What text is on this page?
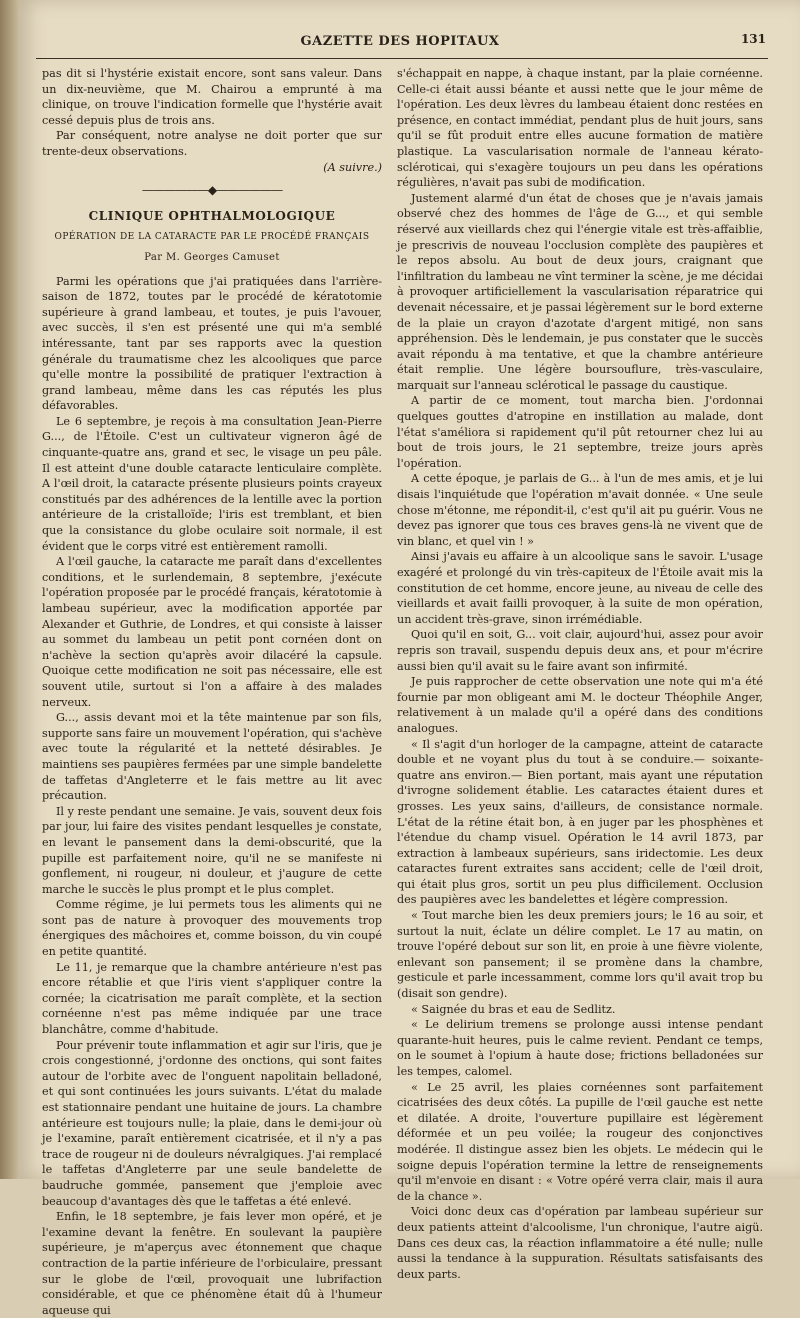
GAZETTE DES HOPITAUX	131

pas dit si l'hystérie existait encore, sont sans valeur. Dans un dix-neuvième, que M. Chairou a emprunté à ma clinique, on trouve l'indication formelle que l'hystérie avait cessé depuis plus de trois ans.

Par conséquent, notre analyse ne doit porter que sur trente-deux observations.

(A suivre.)
——————◆——————
CLINIQUE OPHTHALMOLOGIQUE
OPÉRATION DE LA CATARACTE PAR LE PROCÉDÉ FRANÇAIS
Par M. Georges Camuset

Parmi les opérations que j'ai pratiquées dans l'arrière-saison de 1872, toutes par le procédé de kératotomie supérieure à grand lambeau, et toutes, je puis l'avouer, avec succès, il s'en est présenté une qui m'a semblé intéressante, tant par ses rapports avec la question générale du traumatisme chez les alcooliques que parce qu'elle montre la possibilité de pratiquer l'extraction à grand lambeau, même dans les cas réputés les plus défavorables.

Le 6 septembre, je reçois à ma consultation Jean-Pierre G..., de l'Étoile. C'est un cultivateur vigneron âgé de cinquante-quatre ans, grand et sec, le visage un peu pâle. Il est atteint d'une double cataracte lenticulaire complète. A l'œil droit, la cataracte présente plusieurs points crayeux constitués par des adhérences de la lentille avec la portion antérieure de la cristalloïde; l'iris est tremblant, et bien que la consistance du globe oculaire soit normale, il est évident que le corps vitré est entièrement ramolli.

A l'œil gauche, la cataracte me paraît dans d'excellentes conditions, et le surlendemain, 8 septembre, j'exécute l'opération proposée par le procédé français, kératotomie à lambeau supérieur, avec la modification apportée par Alexander et Guthrie, de Londres, et qui consiste à laisser au sommet du lambeau un petit pont cornéen dont on n'achève la section qu'après avoir dilacéré la capsule. Quoique cette modification ne soit pas nécessaire, elle est souvent utile, surtout si l'on a affaire à des malades nerveux.

G..., assis devant moi et la tête maintenue par son fils, supporte sans faire un mouvement l'opération, qui s'achève avec toute la régularité et la netteté désirables. Je maintiens ses paupières fermées par une simple bandelette de taffetas d'Angleterre et le fais mettre au lit avec précaution.

Il y reste pendant une semaine. Je vais, souvent deux fois par jour, lui faire des visites pendant lesquelles je constate, en levant le pansement dans la demi-obscurité, que la pupille est parfaitement noire, qu'il ne se manifeste ni gonflement, ni rougeur, ni douleur, et j'augure de cette marche le succès le plus prompt et le plus complet.

Comme régime, je lui permets tous les aliments qui ne sont pas de nature à provoquer des mouvements trop énergiques des mâchoires et, comme boisson, du vin coupé en petite quantité.

Le 11, je remarque que la chambre antérieure n'est pas encore rétablie et que l'iris vient s'appliquer contre la cornée; la cicatrisation me paraît complète, et la section cornéenne n'est pas même indiquée par une trace blanchâtre, comme d'habitude.

Pour prévenir toute inflammation et agir sur l'iris, que je crois congestionné, j'ordonne des onctions, qui sont faites autour de l'orbite avec de l'onguent napolitain belladoné, et qui sont continuées les jours suivants. L'état du malade est stationnaire pendant une huitaine de jours. La chambre antérieure est toujours nulle; la plaie, dans le demi-jour où je l'examine, paraît entièrement cicatrisée, et il n'y a pas trace de rougeur ni de douleurs névralgiques. J'ai remplacé le taffetas d'Angleterre par une seule bandelette de baudruche gommée, pansement que j'emploie avec beaucoup d'avantages dès que le taffetas a été enlevé.

Enfin, le 18 septembre, je fais lever mon opéré, et je l'examine devant la fenêtre. En soulevant la paupière supérieure, je m'aperçus avec étonnement que chaque contraction de la partie inférieure de l'orbiculaire, pressant sur le globe de l'œil, provoquait une lubrifaction considérable, et que ce phénomène était dû à l'humeur aqueuse qui

s'échappait en nappe, à chaque instant, par la plaie cornéenne. Celle-ci était aussi béante et aussi nette que le jour même de l'opération. Les deux lèvres du lambeau étaient donc restées en présence, en contact immédiat, pendant plus de huit jours, sans qu'il se fût produit entre elles aucune formation de matière plastique. La vascularisation normale de l'anneau kérato-scléroticai, qui s'exagère toujours un peu dans les opérations régulières, n'avait pas subi de modification.

Justement alarmé d'un état de choses que je n'avais jamais observé chez des hommes de l'âge de G..., et qui semble réservé aux vieillards chez qui l'énergie vitale est très-affaiblie, je prescrivis de nouveau l'occlusion complète des paupières et le repos absolu. Au bout de deux jours, craignant que l'infiltration du lambeau ne vînt terminer la scène, je me décidai à provoquer artificiellement la vascularisation réparatrice qui devenait nécessaire, et je passai légèrement sur le bord externe de la plaie un crayon d'azotate d'argent mitigé, non sans appréhension. Dès le lendemain, je pus constater que le succès avait répondu à ma tentative, et que la chambre antérieure était remplie. Une légère boursouflure, très-vasculaire, marquait sur l'anneau sclérotical le passage du caustique.

A partir de ce moment, tout marcha bien. J'ordonnai quelques gouttes d'atropine en instillation au malade, dont l'état s'améliora si rapidement qu'il pût retourner chez lui au bout de trois jours, le 21 septembre, treize jours après l'opération.

A cette époque, je parlais de G... à l'un de mes amis, et je lui disais l'inquiétude que l'opération m'avait donnée. « Une seule chose m'étonne, me répondit-il, c'est qu'il ait pu guérir. Vous ne devez pas ignorer que tous ces braves gens-là ne vivent que de vin blanc, et quel vin ! »

Ainsi j'avais eu affaire à un alcoolique sans le savoir. L'usage exagéré et prolongé du vin très-capiteux de l'Étoile avait mis la constitution de cet homme, encore jeune, au niveau de celle des vieillards et avait failli provoquer, à la suite de mon opération, un accident très-grave, sinon irrémédiable.

Quoi qu'il en soit, G... voit clair, aujourd'hui, assez pour avoir repris son travail, suspendu depuis deux ans, et pour m'écrire aussi bien qu'il avait su le faire avant son infirmité.

Je puis rapprocher de cette observation une note qui m'a été fournie par mon obligeant ami M. le docteur Théophile Anger, relativement à un malade qu'il a opéré dans des conditions analogues.

« Il s'agit d'un horloger de la campagne, atteint de cataracte double et ne voyant plus du tout à se conduire.— soixante-quatre ans environ.— Bien portant, mais ayant une réputation d'ivrogne solidement établie. Les cataractes étaient dures et grosses. Les yeux sains, d'ailleurs, de consistance normale. L'état de la rétine était bon, à en juger par les phosphènes et l'étendue du champ visuel. Opération le 14 avril 1873, par extraction à lambeaux supérieurs, sans iridectomie. Les deux cataractes furent extraites sans accident; celle de l'œil droit, qui était plus gros, sortit un peu plus difficilement. Occlusion des paupières avec les bandelettes et légère compression.

« Tout marche bien les deux premiers jours; le 16 au soir, et surtout la nuit, éclate un délire complet. Le 17 au matin, on trouve l'opéré debout sur son lit, en proie à une fièvre violente, enlevant son pansement; il se promène dans la chambre, gesticule et parle incessamment, comme lors qu'il avait trop bu (disait son gendre).

« Saignée du bras et eau de Sedlitz.

« Le delirium tremens se prolonge aussi intense pendant quarante-huit heures, puis le calme revient. Pendant ce temps, on le soumet à l'opium à haute dose; frictions belladonées sur les tempes, calomel.

« Le 25 avril, les plaies cornéennes sont parfaitement cicatrisées des deux côtés. La pupille de l'œil gauche est nette et dilatée. A droite, l'ouverture pupillaire est légèrement déformée et un peu voilée; la rougeur des conjonctives modérée. Il distingue assez bien les objets. Le médecin qui le soigne depuis l'opération termine la lettre de renseignements qu'il m'envoie en disant : « Votre opéré verra clair, mais il aura de la chance ».

Voici donc deux cas d'opération par lambeau supérieur sur deux patients atteint d'alcoolisme, l'un chronique, l'autre aigü. Dans ces deux cas, la réaction inflammatoire a été nulle; nulle aussi la tendance à la suppuration. Résultats satisfaisants des deux parts.
